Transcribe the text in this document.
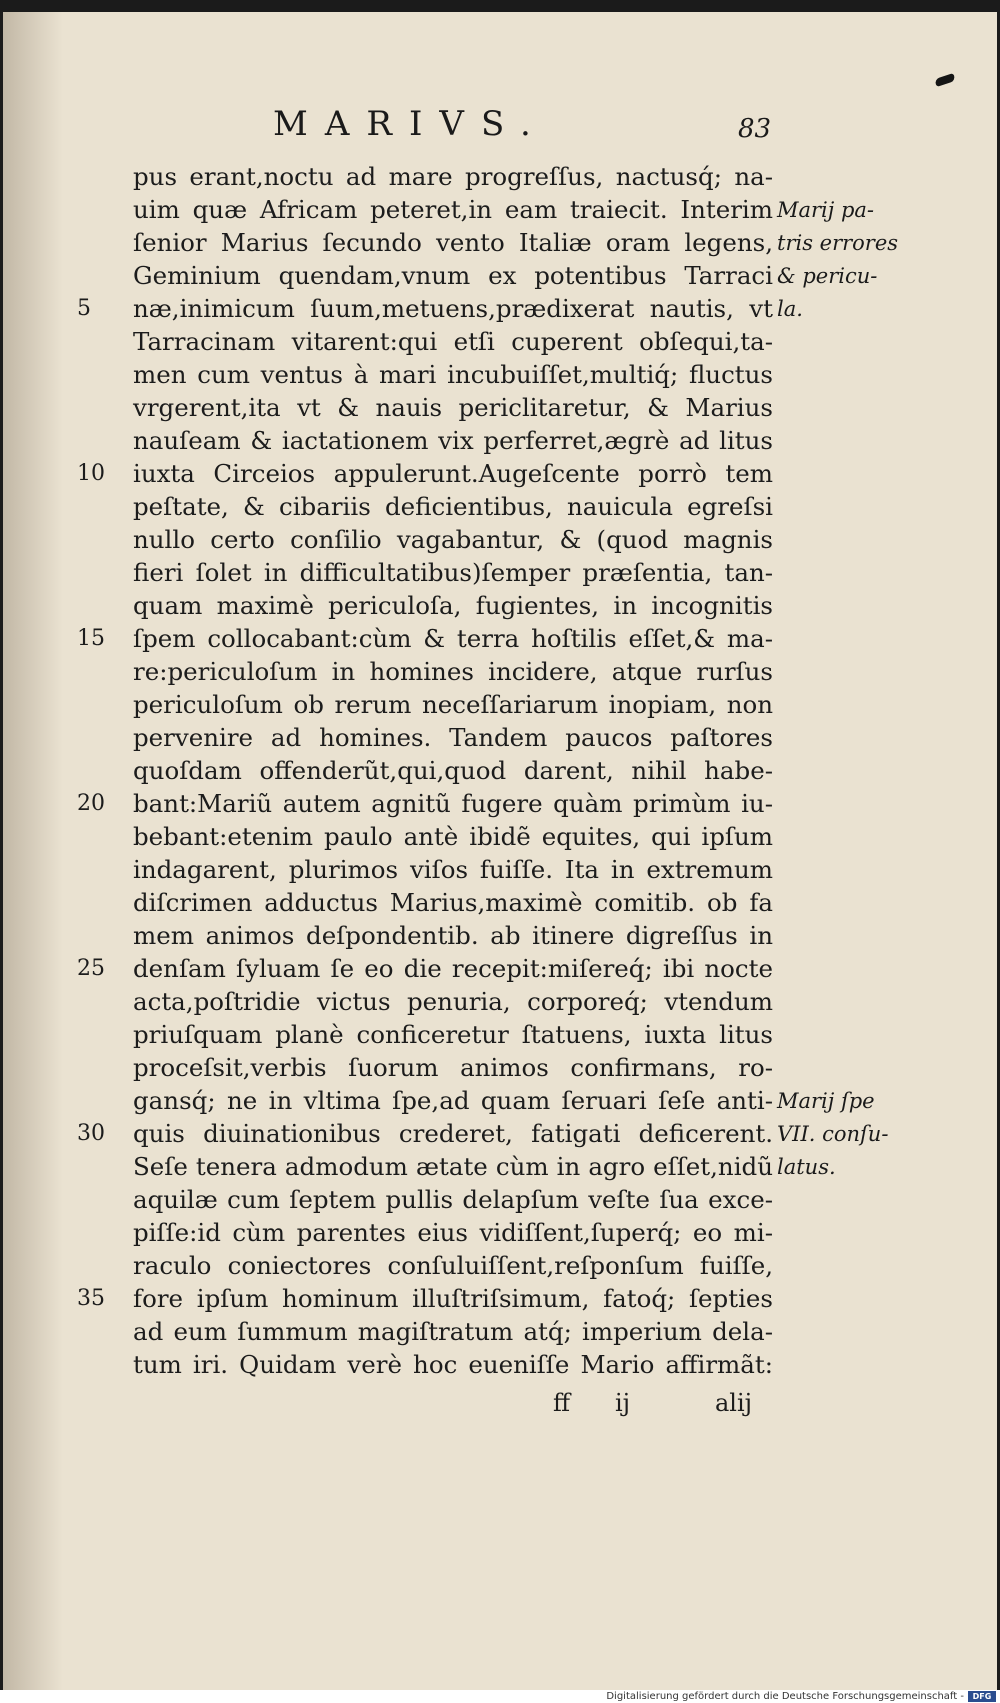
MARIVS.	83
pus erant,noctu ad mare progreſſus, nactusq́; na-
uim quæ Africam peteret,in eam traiecit. Interim
ſenior Marius ſecundo vento Italiæ oram legens,
Geminium quendam,vnum ex potentibus Tarraci
næ,inimicum ſuum,metuens,prædixerat nautis, vt
Tarracinam vitarent:qui etſi cuperent obſequi,ta-
men cum ventus à mari incubuiſſet,multiq́; fluctus
vrgerent,ita vt & nauis periclitaretur, & Marius
nauſeam & iactationem vix perferret,ægrè ad litus
iuxta Circeios appulerunt.Augeſcente porrò tem
peſtate, & cibariis deficientibus, nauicula egreſsi
nullo certo conſilio vagabantur, & (quod magnis
fieri ſolet in difficultatibus)ſemper præſentia, tan-
quam maximè periculoſa, fugientes, in incognitis
ſpem collocabant:cùm & terra hoſtilis eſſet,& ma-
re:periculoſum in homines incidere, atque rurſus
periculoſum ob rerum neceſſariarum inopiam, non
pervenire ad homines. Tandem paucos paſtores
quoſdam offenderũt,qui,quod darent, nihil habe-
bant:Mariũ autem agnitũ fugere quàm primùm iu-
bebant:etenim paulo antè ibidẽ equites, qui ipſum
indagarent, plurimos viſos fuiſſe. Ita in extremum
diſcrimen adductus Marius,maximè comitib. ob fa
mem animos deſpondentib. ab itinere digreſſus in
denſam ſyluam ſe eo die recepit:miſereq́; ibi nocte
acta,poſtridie victus penuria, corporeq́; vtendum
priuſquam planè conficeretur ſtatuens, iuxta litus
proceſsit,verbis ſuorum animos confirmans, ro-
gansq́; ne in vltima ſpe,ad quam ſeruari ſeſe anti-
quis diuinationibus crederet, fatigati deficerent.
Seſe tenera admodum ætate cùm in agro eſſet,nidũ
aquilæ cum ſeptem pullis delapſum veſte ſua exce-
piſſe:id cùm parentes eius vidiſſent,ſuperq́; eo mi-
raculo coniectores conſuluiſſent,reſponſum fuiſſe,
fore ipſum hominum illuſtriſsimum, fatoq́; ſepties
ad eum ſummum magiſtratum atq́; imperium dela-
tum iri. Quidam verè hoc eueniſſe Mario affirmãt:
5
10
15
20
25
30
35
Marij pa-
tris errores
& pericu-
la.
Marij ſpe
VII. conſu-
latus.
ff ij	alij
Digitalisierung gefördert durch die Deutsche Forschungsgemeinschaft -	DFG
